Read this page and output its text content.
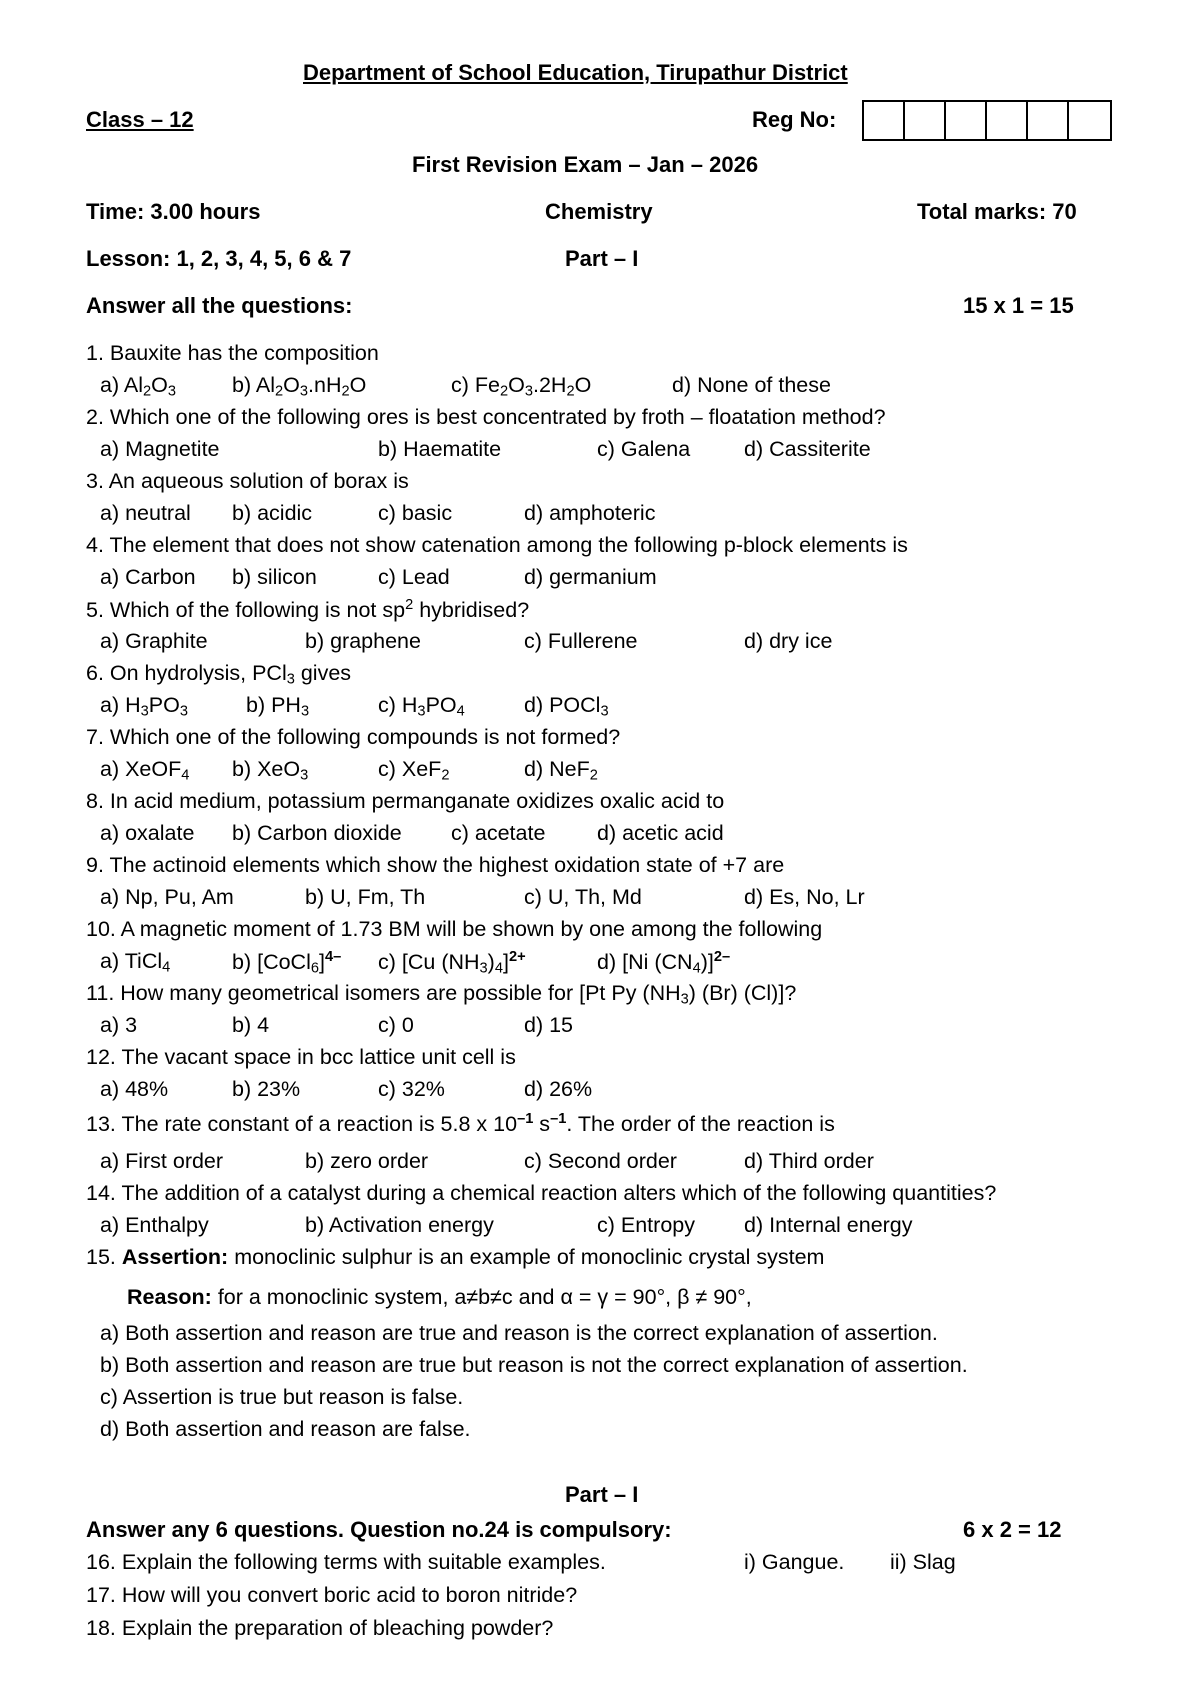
Department of School Education, Tirupathur District
Class – 12	Reg No:
First Revision Exam – Jan – 2026
Time: 3.00 hours	Chemistry	Total marks: 70
Lesson: 1, 2, 3, 4, 5, 6 & 7	Part – I
Answer all the questions:	15 x 1 = 15
1. Bauxite has the composition
a) $Al_2O_3$	b) $Al_2O_3.nH_2O$	c) $Fe_2O_3.2H_2O$	d) None of these
2. Which one of the following ores is best concentrated by froth – floatation method?
a) Magnetite	b) Haematite	c) Galena	d) Cassiterite
3. An aqueous solution of borax is
a) neutral b) acidic	c) basic	d) amphoteric
4. The element that does not show catenation among the following p-block elements is
a) Carbon b) silicon	c) Lead	d) germanium
5. Which of the following is not $sp^2$ hybridised?
a) Graphite	b) graphene	c) Fullerene	d) dry ice
6. On hydrolysis, PCl$_3$ gives
a) $H_3PO_3$	b) $PH_3$	c) $H_3PO_4$	d) POCl$_3$
7. Which one of the following compounds is not formed?
a) XeOF$_4$ b) XeO$_3$	c) XeF$_2$	d) NeF$_2$
8. In acid medium, potassium permanganate oxidizes oxalic acid to
a) oxalate b) Carbon dioxide c) acetate d) acetic acid
9. The actinoid elements which show the highest oxidation state of +7 are
a) Np, Pu, Am	b) U, Fm, Th	c) U, Th, Md	d) Es, No, Lr
10. A magnetic moment of 1.73 BM will be shown by one among the following
a) TiCl$_4$	b) [CoCl$_6$]$^{4-}$ c) [Cu $(NH_3)_4]^{2+}$	d) [Ni $(CN_4)]^{2-}$
11. How many geometrical isomers are possible for [Pt Py $(NH_3)$ (Br) (Cl)]?
a) 3	b) 4	c) 0	d) 15
12. The vacant space in bcc lattice unit cell is
a) 48%	b) 23%	c) 32%	d) 26%
13. The rate constant of a reaction is 5.8 x $10^{-1}$ $s^{-1}$. The order of the reaction is
a) First order	b) zero order	c) Second order	d) Third order
14. The addition of a catalyst during a chemical reaction alters which of the following quantities?
a) Enthalpy	b) Activation energy	c) Entropy d) Internal energy
15. Assertion: monoclinic sulphur is an example of monoclinic crystal system
Reason: for a monoclinic system, a≠b≠c and α = γ = 90°, β ≠ 90°,
a) Both assertion and reason are true and reason is the correct explanation of assertion.
b) Both assertion and reason are true but reason is not the correct explanation of assertion.
c) Assertion is true but reason is false.
d) Both assertion and reason are false.
Part – I
Answer any 6 questions. Question no.24 is compulsory:	6 x 2 = 12
16. Explain the following terms with suitable examples.	i) Gangue. ii) Slag
17. How will you convert boric acid to boron nitride?
18. Explain the preparation of bleaching powder?
